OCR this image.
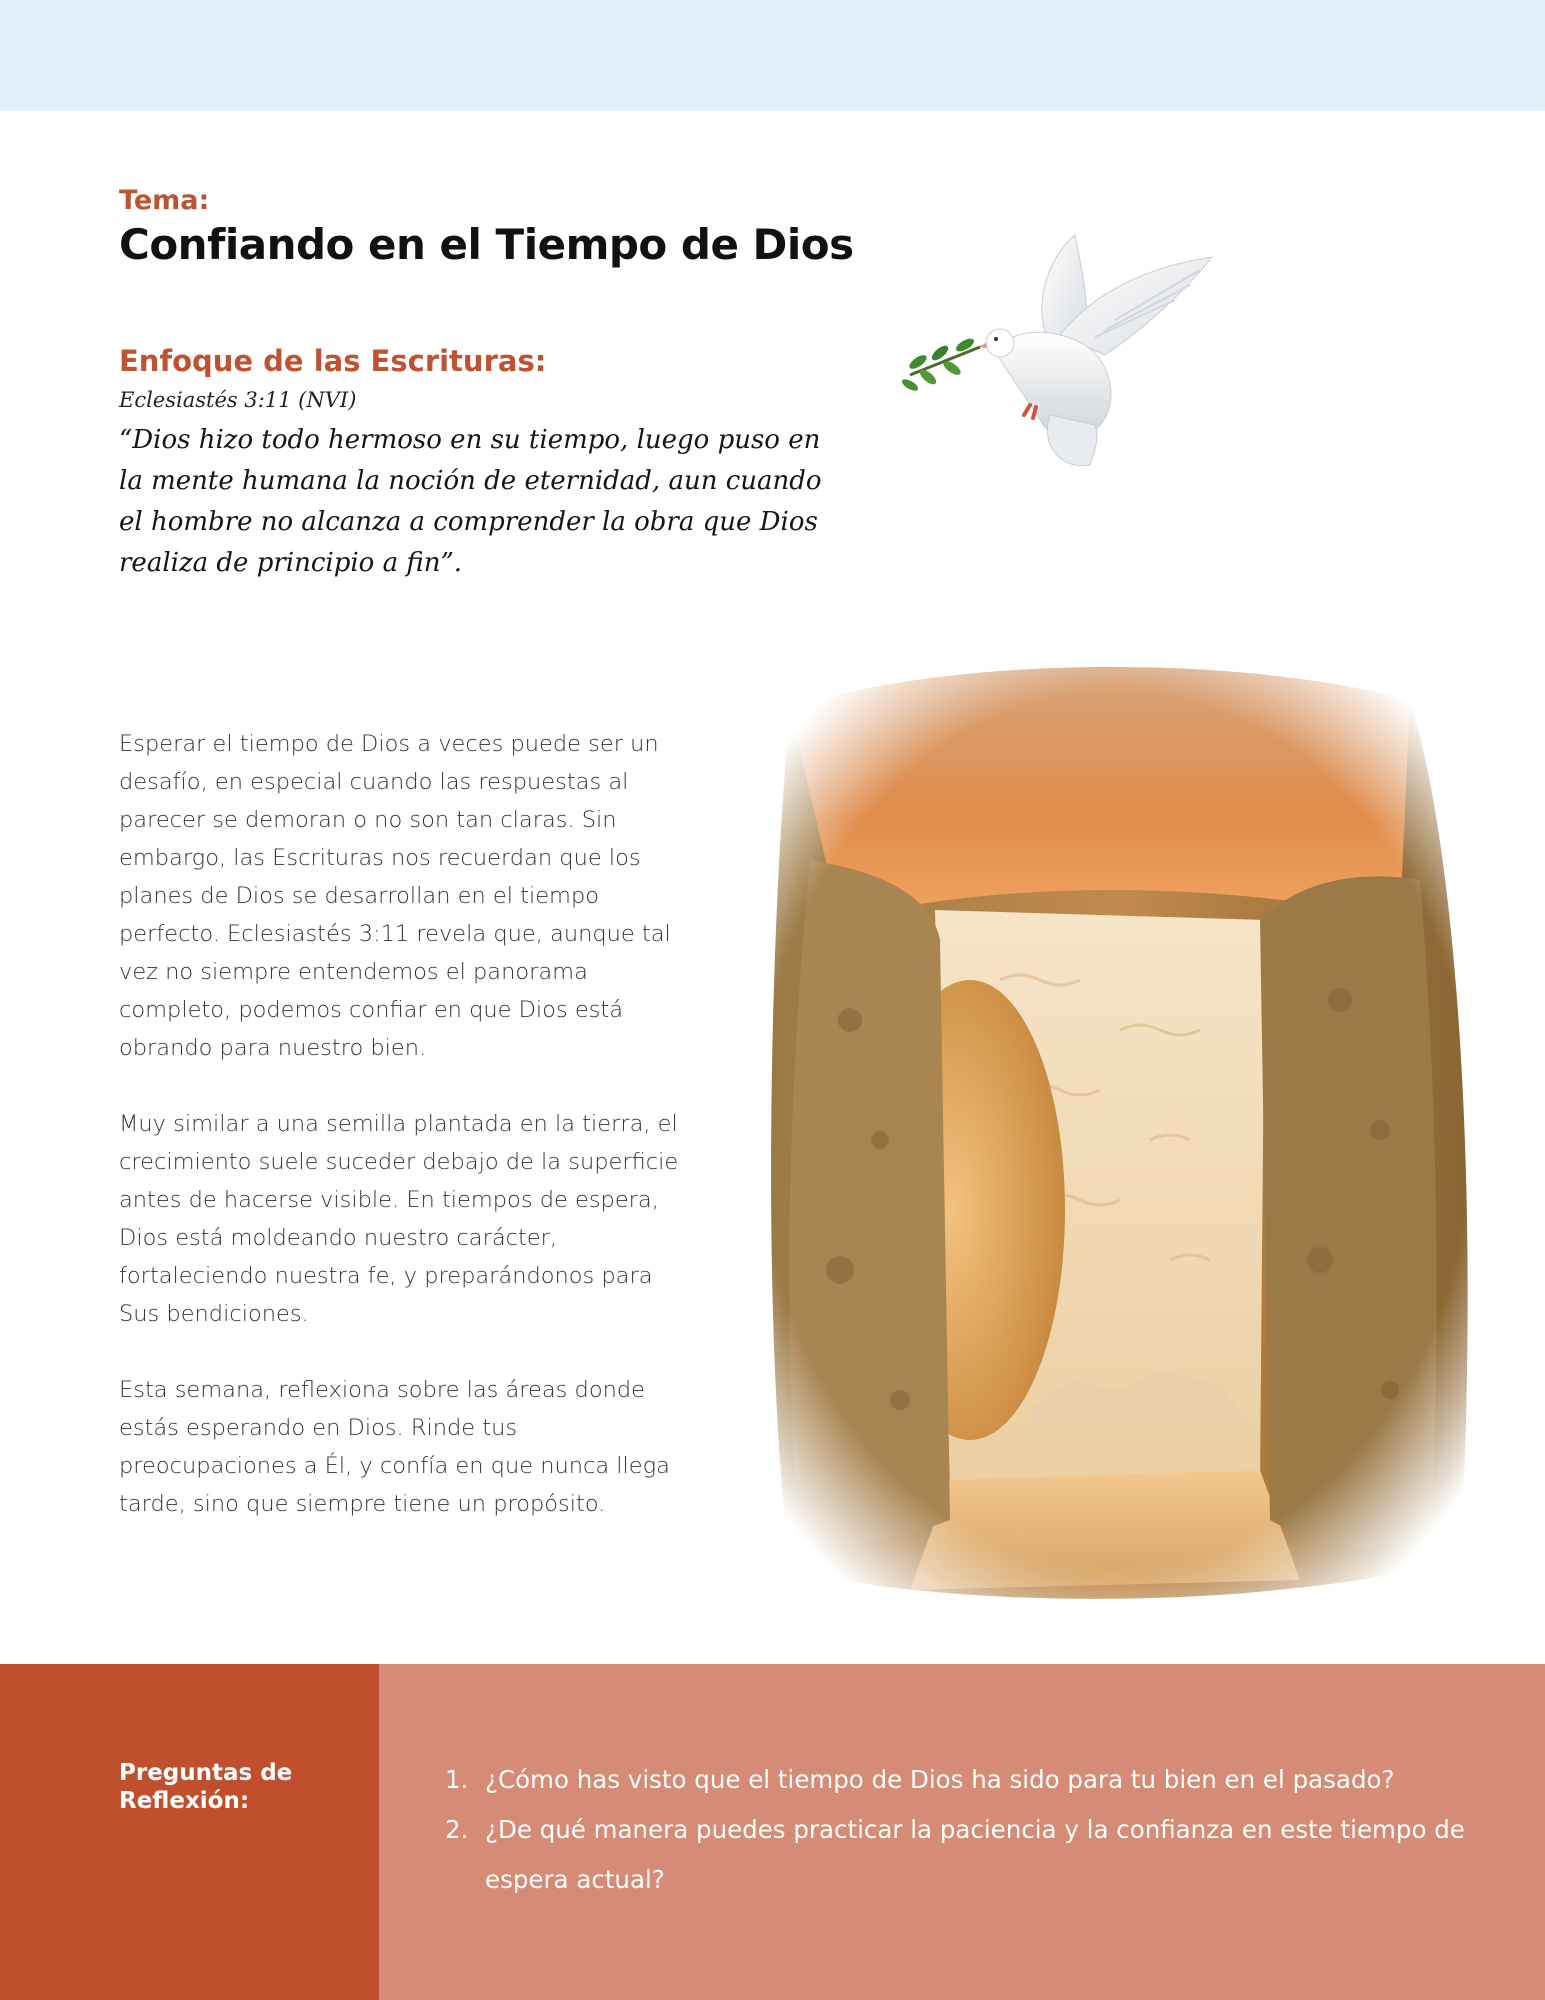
Tema:
Confiando en el Tiempo de Dios
Enfoque de las Escrituras:
Eclesiastés 3:11 (NVI)
“Dios hizo todo hermoso en su tiempo, luego puso en la mente humana la noción de eternidad, aun cuando el hombre no alcanza a comprender la obra que Dios realiza de principio a fin”.

Esperar el tiempo de Dios a veces puede ser un desafío, en especial cuando las respuestas al parecer se demoran o no son tan claras. Sin embargo, las Escrituras nos recuerdan que los planes de Dios se desarrollan en el tiempo perfecto. Eclesiastés 3:11 revela que, aunque tal vez no siempre entendemos el panorama completo, podemos confiar en que Dios está obrando para nuestro bien.

Muy similar a una semilla plantada en la tierra, el crecimiento suele suceder debajo de la superficie antes de hacerse visible. En tiempos de espera, Dios está moldeando nuestro carácter, fortaleciendo nuestra fe, y preparándonos para Sus bendiciones.

Esta semana, reflexiona sobre las áreas donde estás esperando en Dios. Rinde tus preocupaciones a Él, y confía en que nunca llega tarde, sino que siempre tiene un propósito.

Preguntas de Reflexión:
1. ¿Cómo has visto que el tiempo de Dios ha sido para tu bien en el pasado?
2. ¿De qué manera puedes practicar la paciencia y la confianza en este tiempo de espera actual?
